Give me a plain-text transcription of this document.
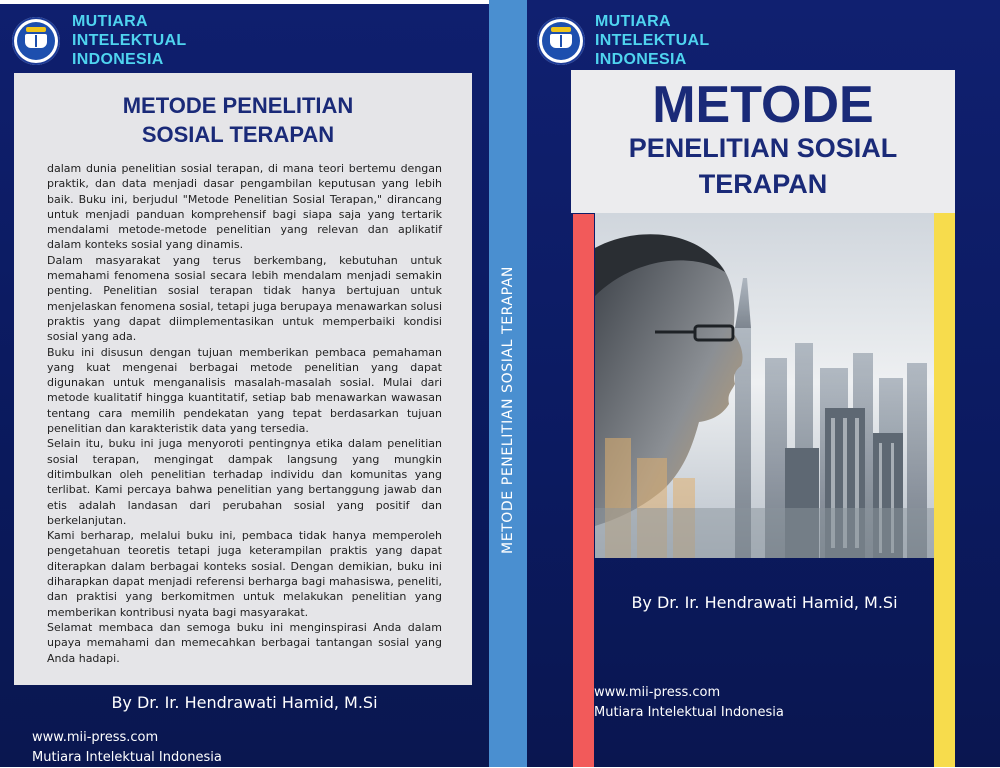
MUTIARA
INTELEKTUAL
INDONESIA
METODE PENELITIAN
SOSIAL TERAPAN

dalam dunia penelitian sosial terapan, di mana teori bertemu dengan praktik, dan data menjadi dasar pengambilan keputusan yang lebih baik. Buku ini, berjudul "Metode Penelitian Sosial Terapan," dirancang untuk menjadi panduan komprehensif bagi siapa saja yang tertarik mendalami metode-metode penelitian yang relevan dan aplikatif dalam konteks sosial yang dinamis.

Dalam masyarakat yang terus berkembang, kebutuhan untuk memahami fenomena sosial secara lebih mendalam menjadi semakin penting. Penelitian sosial terapan tidak hanya bertujuan untuk menjelaskan fenomena sosial, tetapi juga berupaya menawarkan solusi praktis yang dapat diimplementasikan untuk memperbaiki kondisi sosial yang ada.

Buku ini disusun dengan tujuan memberikan pembaca pemahaman yang kuat mengenai berbagai metode penelitian yang dapat digunakan untuk menganalisis masalah-masalah sosial. Mulai dari metode kualitatif hingga kuantitatif, setiap bab menawarkan wawasan tentang cara memilih pendekatan yang tepat berdasarkan tujuan penelitian dan karakteristik data yang tersedia.

Selain itu, buku ini juga menyoroti pentingnya etika dalam penelitian sosial terapan, mengingat dampak langsung yang mungkin ditimbulkan oleh penelitian terhadap individu dan komunitas yang terlibat. Kami percaya bahwa penelitian yang bertanggung jawab dan etis adalah landasan dari perubahan sosial yang positif dan berkelanjutan.

Kami berharap, melalui buku ini, pembaca tidak hanya memperoleh pengetahuan teoretis tetapi juga keterampilan praktis yang dapat diterapkan dalam berbagai konteks sosial. Dengan demikian, buku ini diharapkan dapat menjadi referensi berharga bagi mahasiswa, peneliti, dan praktisi yang berkomitmen untuk melakukan penelitian yang memberikan kontribusi nyata bagi masyarakat.

Selamat membaca dan semoga buku ini menginspirasi Anda dalam upaya memahami dan memecahkan berbagai tantangan sosial yang Anda hadapi.

By Dr. Ir. Hendrawati Hamid, M.Si
www.mii-press.com
Mutiara Intelektual Indonesia
METODE PENELITIAN SOSIAL TERAPAN
MUTIARA
INTELEKTUAL
INDONESIA
METODE
PENELITIAN SOSIAL
TERAPAN
By Dr. Ir. Hendrawati Hamid, M.Si
www.mii-press.com
Mutiara Intelektual Indonesia
